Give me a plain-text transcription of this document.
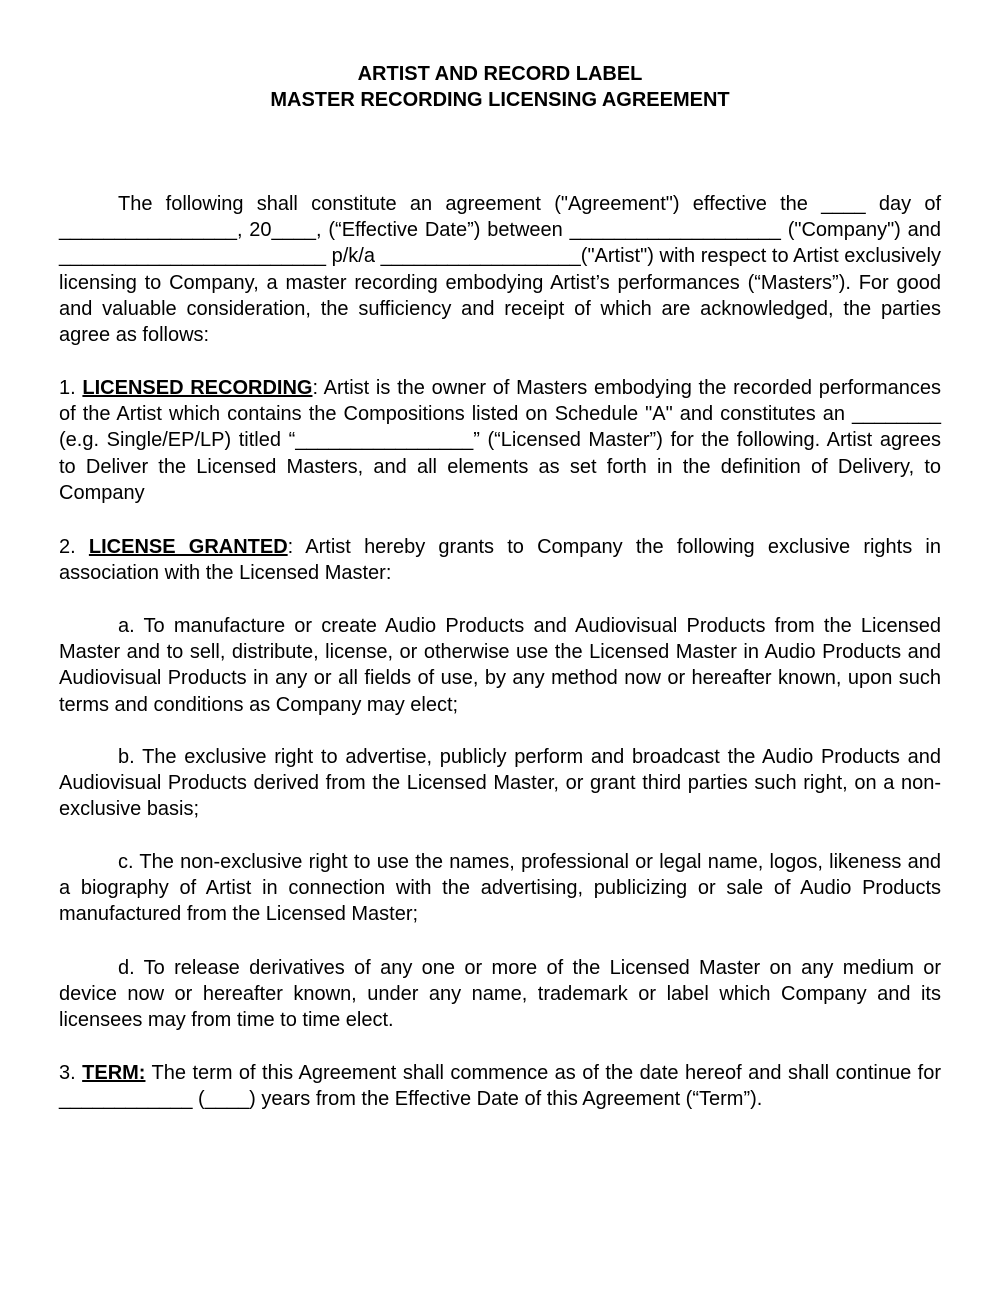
ARTIST AND RECORD LABEL
MASTER RECORDING LICENSING AGREEMENT

The following shall constitute an agreement ("Agreement") effective the ____ day of ________________, 20____, (“Effective Date”) between ___________________ ("Company") and ________________________ p/k/a __________________("Artist") with respect to Artist exclusively licensing to Company, a master recording embodying Artist’s performances (“Masters”). For good and valuable consideration, the sufficiency and receipt of which are acknowledged, the parties agree as follows:

1. LICENSED RECORDING: Artist is the owner of Masters embodying the recorded performances of the Artist which contains the Compositions listed on Schedule "A" and constitutes an ________ (e.g. Single/EP/LP) titled “________________” (“Licensed Master”) for the following. Artist agrees to Deliver the Licensed Masters, and all elements as set forth in the definition of Delivery, to Company

2. LICENSE GRANTED: Artist hereby grants to Company the following exclusive rights in association with the Licensed Master:

a. To manufacture or create Audio Products and Audiovisual Products from the Licensed Master and to sell, distribute, license, or otherwise use the Licensed Master in Audio Products and Audiovisual Products in any or all fields of use, by any method now or hereafter known, upon such terms and conditions as Company may elect;

b. The exclusive right to advertise, publicly perform and broadcast the Audio Products and Audiovisual Products derived from the Licensed Master, or grant third parties such right, on a non-exclusive basis;

c. The non-exclusive right to use the names, professional or legal name, logos, likeness and a biography of Artist in connection with the advertising, publicizing or sale of Audio Products manufactured from the Licensed Master;

d. To release derivatives of any one or more of the Licensed Master on any medium or device now or hereafter known, under any name, trademark or label which Company and its licensees may from time to time elect.

3. TERM: The term of this Agreement shall commence as of the date hereof and shall continue for ____________ (____) years from the Effective Date of this Agreement (“Term”).
